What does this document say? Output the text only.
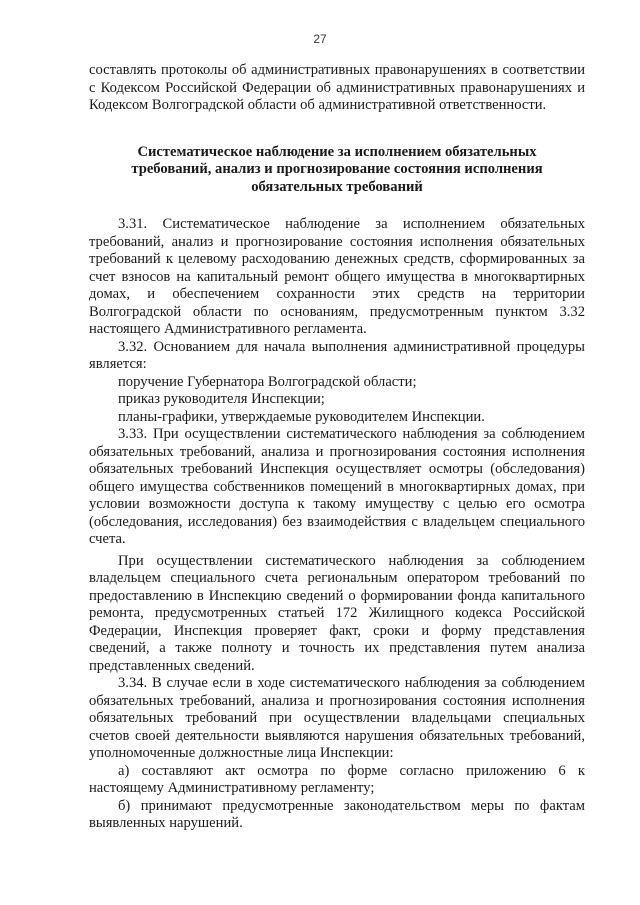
27

составлять протоколы об административных правонарушениях в соответствии с Кодексом Российской Федерации об административных правонарушениях и Кодексом Волгоградской области об административной ответственности.

Систематическое наблюдение за исполнением обязательных требований, анализ и прогнозирование состояния исполнения обязательных требований

3.31. Систематическое наблюдение за исполнением обязательных требований, анализ и прогнозирование состояния исполнения обязательных требований к целевому расходованию денежных средств, сформированных за счет взносов на капитальный ремонт общего имущества в многоквартирных домах, и обеспечением сохранности этих средств на территории Волгоградской области по основаниям, предусмотренным пунктом 3.32 настоящего Административного регламента.

3.32. Основанием для начала выполнения административной процедуры является:

поручение Губернатора Волгоградской области;

приказ руководителя Инспекции;

планы-графики, утверждаемые руководителем Инспекции.

3.33. При осуществлении систематического наблюдения за соблюдением обязательных требований, анализа и прогнозирования состояния исполнения обязательных требований Инспекция осуществляет осмотры (обследования) общего имущества собственников помещений в многоквартирных домах, при условии возможности доступа к такому имуществу с целью его осмотра (обследования, исследования) без взаимодействия с владельцем специального счета.

При осуществлении систематического наблюдения за соблюдением владельцем специального счета региональным оператором требований по предоставлению в Инспекцию сведений о формировании фонда капитального ремонта, предусмотренных статьей 172 Жилищного кодекса Российской Федерации, Инспекция проверяет факт, сроки и форму представления сведений, а также полноту и точность их представления путем анализа представленных сведений.

3.34. В случае если в ходе систематического наблюдения за соблюдением обязательных требований, анализа и прогнозирования состояния исполнения обязательных требований при осуществлении владельцами специальных счетов своей деятельности выявляются нарушения обязательных требований, уполномоченные должностные лица Инспекции:

а) составляют акт осмотра по форме согласно приложению 6 к настоящему Административному регламенту;

б) принимают предусмотренные законодательством меры по фактам выявленных нарушений.
